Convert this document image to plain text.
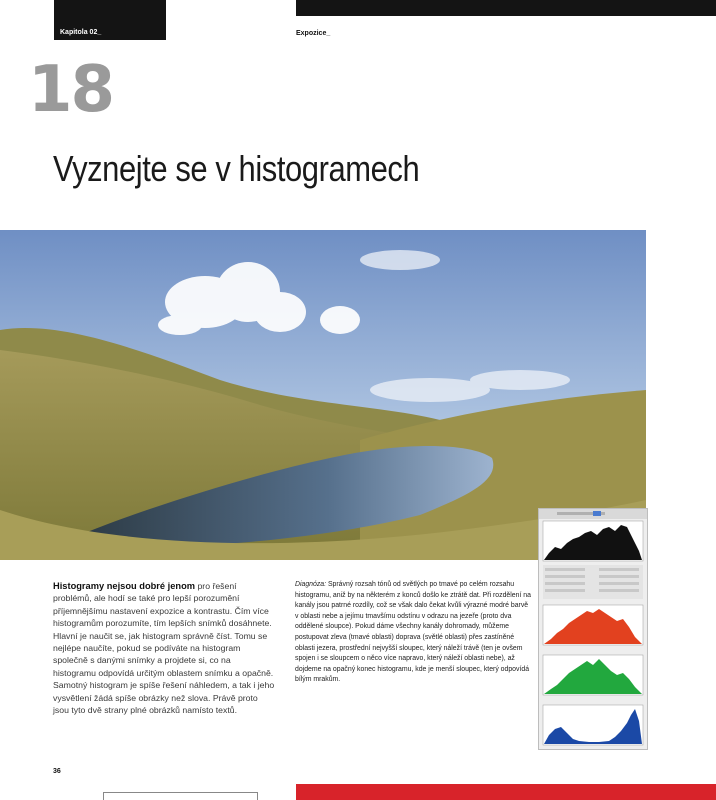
Kapitola 02_	Expozice_
18
Vyznejte se v histogramech
Histogramy nejsou dobré jenom pro řešení problémů, ale hodí se také pro lepší porozumění příjemnějšímu nastavení expozice a kontrastu. Čím více histogramům porozumíte, tím lepších snímků dosáhnete. Hlavní je naučit se, jak histogram správně číst. Tomu se nejlépe naučíte, pokud se podíváte na histogram společně s danými snímky a projdete si, co na histogramu odpovídá určitým oblastem snímku a opačně. Samotný histogram je spíše řešení náhledem, a tak i jeho vysvětlení žádá spíše obrázky než slova. Právě proto jsou tyto dvě strany plné obrázků namísto textů.
Diagnóza: Správný rozsah tónů od světlých po tmavé po celém rozsahu histogramu, aniž by na některém z konců došlo ke ztrátě dat. Při rozdělení na kanály jsou patrné rozdíly, což se však dalo čekat kvůli výrazné modré barvě v oblasti nebe a jejímu tmavšímu odstínu v odrazu na jezeře (proto dva oddělené sloupce). Pokud dáme všechny kanály dohromady, můžeme postupovat zleva (tmavé oblasti) doprava (světlé oblasti) přes zastíněné oblasti jezera, prostřední nejvyšší sloupec, který náleží trávě (ten je ovšem spojen i se sloupcem o něco více napravo, který náleží oblasti nebe), až dojdeme na opačný konec histogramu, kde je menší sloupec, který odpovídá bílým mrakům.
36
